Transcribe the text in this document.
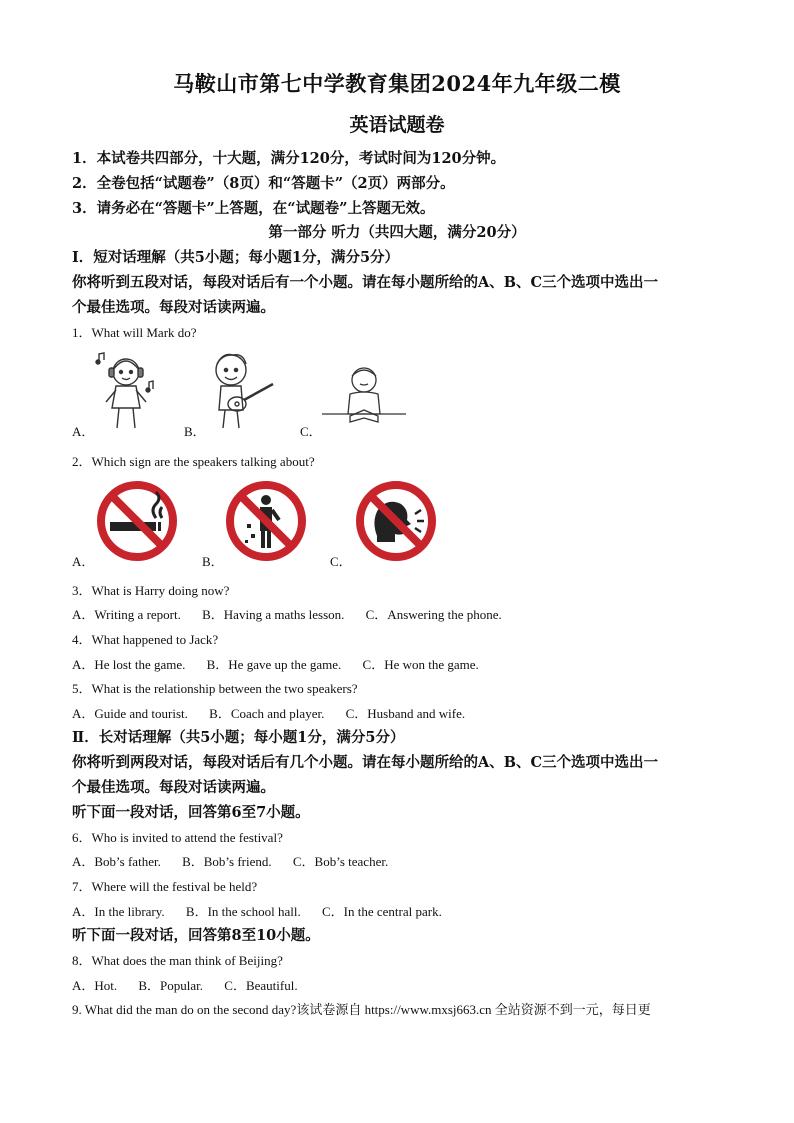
马鞍山市第七中学教育集团2024年九年级二模
英语试题卷
1．本试卷共四部分，十大题，满分120分，考试时间为120分钟。
2．全卷包括“试题卷”（8页）和“答题卡”（2页）两部分。
3．请务必在“答题卡”上答题，在“试题卷”上答题无效。
第一部分 听力（共四大题，满分20分）
Ⅰ．短对话理解（共5小题；每小题1分，满分5分）
你将听到五段对话，每段对话后有一个小题。请在每小题所给的A、B、C三个选项中选出一
个最佳选项。每段对话读两遍。
1．What will Mark do?
A．	B．	C．
2．Which sign are the speakers talking about?
A．	B．	C．
3．What is Harry doing now?
A．Writing a report. B．Having a maths lesson. C．Answering the phone.
4．What happened to Jack?
A．He lost the game. B．He gave up the game. C．He won the game.
5．What is the relationship between the two speakers?
A．Guide and tourist. B．Coach and player. C．Husband and wife.
Ⅱ．长对话理解（共5小题；每小题1分，满分5分）
你将听到两段对话，每段对话后有几个小题。请在每小题所给的A、B、C三个选项中选出一
个最佳选项。每段对话读两遍。
听下面一段对话，回答第6至7小题。
6．Who is invited to attend the festival?
A．Bob’s father. B．Bob’s friend. C．Bob’s teacher.
7．Where will the festival be held?
A．In the library. B．In the school hall. C．In the central park.
听下面一段对话，回答第8至10小题。
8．What does the man think of Beijing?
A．Hot. B．Popular. C．Beautiful.
9. What did the man do on the second day?该试卷源自 https://www.mxsj663.cn 全站资源不到一元，每日更
